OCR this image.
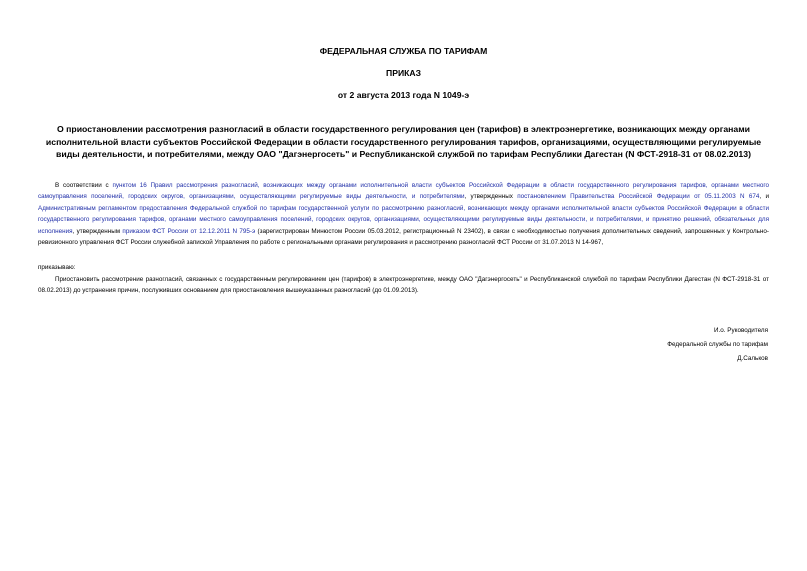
ФЕДЕРАЛЬНАЯ СЛУЖБА ПО ТАРИФАМ
ПРИКАЗ
от 2 августа 2013 года N 1049-э
О приостановлении рассмотрения разногласий в области государственного регулирования цен (тарифов) в электроэнергетике, возникающих между органами исполнительной власти субъектов Российской Федерации в области государственного регулирования тарифов, организациями, осуществляющими регулируемые виды деятельности, и потребителями, между ОАО "Дагэнергосеть" и Республиканской службой по тарифам Республики Дагестан (N ФСТ-2918-31 от 08.02.2013)
В соответствии с пунктом 16 Правил рассмотрения разногласий, возникающих между органами исполнительной власти субъектов Российской Федерации в области государственного регулирования тарифов, органами местного самоуправления поселений, городских округов, организациями, осуществляющими регулируемые виды деятельности, и потребителями, утвержденных постановлением Правительства Российской Федерации от 05.11.2003 N 674, и Административным регламентом предоставления Федеральной службой по тарифам государственной услуги по рассмотрению разногласий, возникающих между органами исполнительной власти субъектов Российской Федерации в области государственного регулирования тарифов, органами местного самоуправления поселений, городских округов, организациями, осуществляющими регулируемые виды деятельности, и потребителями, и принятию решений, обязательных для исполнения, утвержденным приказом ФСТ России от 12.12.2011 N 795-э (зарегистрирован Минюстом России 05.03.2012, регистрационный N 23402), в связи с необходимостью получения дополнительных сведений, запрошенных у Контрольно-ревизионного управления ФСТ России служебной запиской Управления по работе с региональными органами регулирования и рассмотрению разногласий ФСТ России от 31.07.2013 N 14-967,
приказываю:
Приостановить рассмотрение разногласий, связанных с государственным регулированием цен (тарифов) в электроэнергетике, между ОАО "Дагэнергосеть" и Республиканской службой по тарифам Республики Дагестан (N ФСТ-2918-31 от 08.02.2013) до устранения причин, послуживших основанием для приостановления вышеуказанных разногласий (до 01.09.2013).
И.о. Руководителя
Федеральной службы по тарифам
Д.Сальков
